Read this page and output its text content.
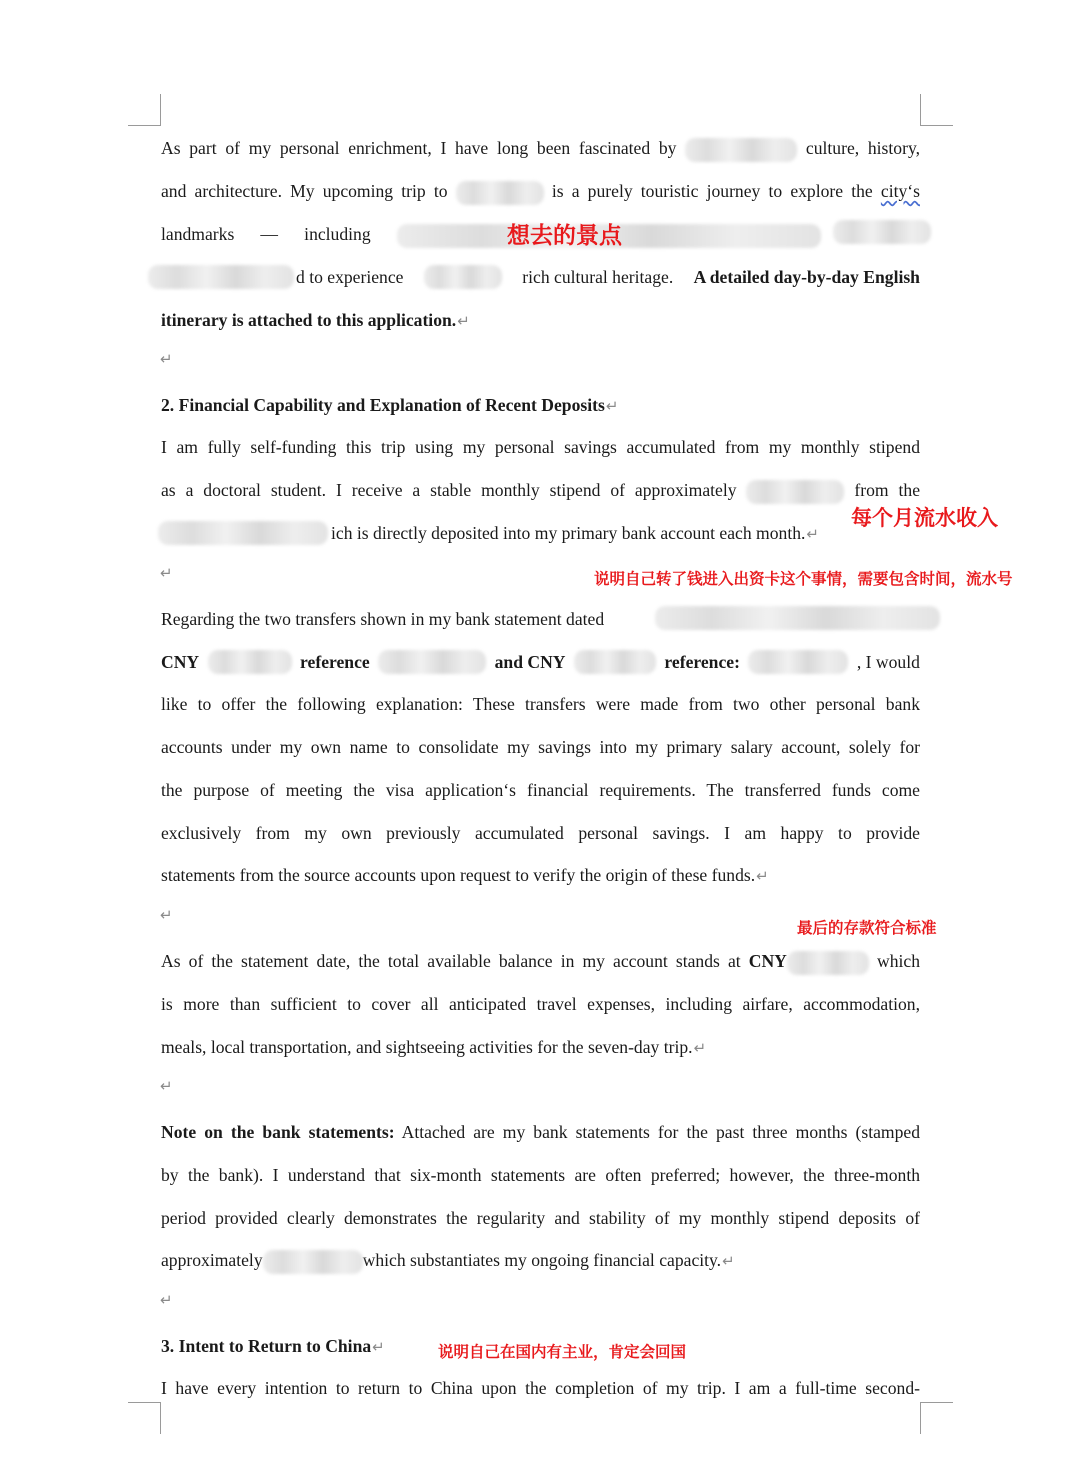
As part of my personal enrichment, I have long been fascinated by	culture, history,
and architecture. My upcoming trip to	is a purely touristic journey to explore the city‘s
landmarks — including
d to experience	rich cultural heritage. A detailed day-by-day English
itinerary is attached to this application.↵
↵
2. Financial Capability and Explanation of Recent Deposits↵
I am fully self-funding this trip using my personal savings accumulated from my monthly stipend
as a doctoral student. I receive a stable monthly stipend of approximately	from the
ich is directly deposited into my primary bank account each month.↵
↵
Regarding the two transfers shown in my bank statement dated
CNY	reference	and CNY	reference:	, I would
like to offer the following explanation: These transfers were made from two other personal bank
accounts under my own name to consolidate my savings into my primary salary account, solely for
the purpose of meeting the visa application‘s financial requirements. The transferred funds come
exclusively from my own previously accumulated personal savings. I am happy to provide
statements from the source accounts upon request to verify the origin of these funds.↵
↵
As of the statement date, the total available balance in my account stands at CNY	which
is more than sufficient to cover all anticipated travel expenses, including airfare, accommodation,
meals, local transportation, and sightseeing activities for the seven-day trip.↵
↵
Note on the bank statements: Attached are my bank statements for the past three months (stamped
by the bank). I understand that six-month statements are often preferred; however, the three-month
period provided clearly demonstrates the regularity and stability of my monthly stipend deposits of
approximately	which substantiates my ongoing financial capacity.↵
↵
3. Intent to Return to China↵
I have every intention to return to China upon the completion of my trip. I am a full-time second-
想去的景点
每个月流水收入
说明自己转了钱进入出资卡这个事情，需要包含时间，流水号
最后的存款符合标准
说明自己在国内有主业，肯定会回国
